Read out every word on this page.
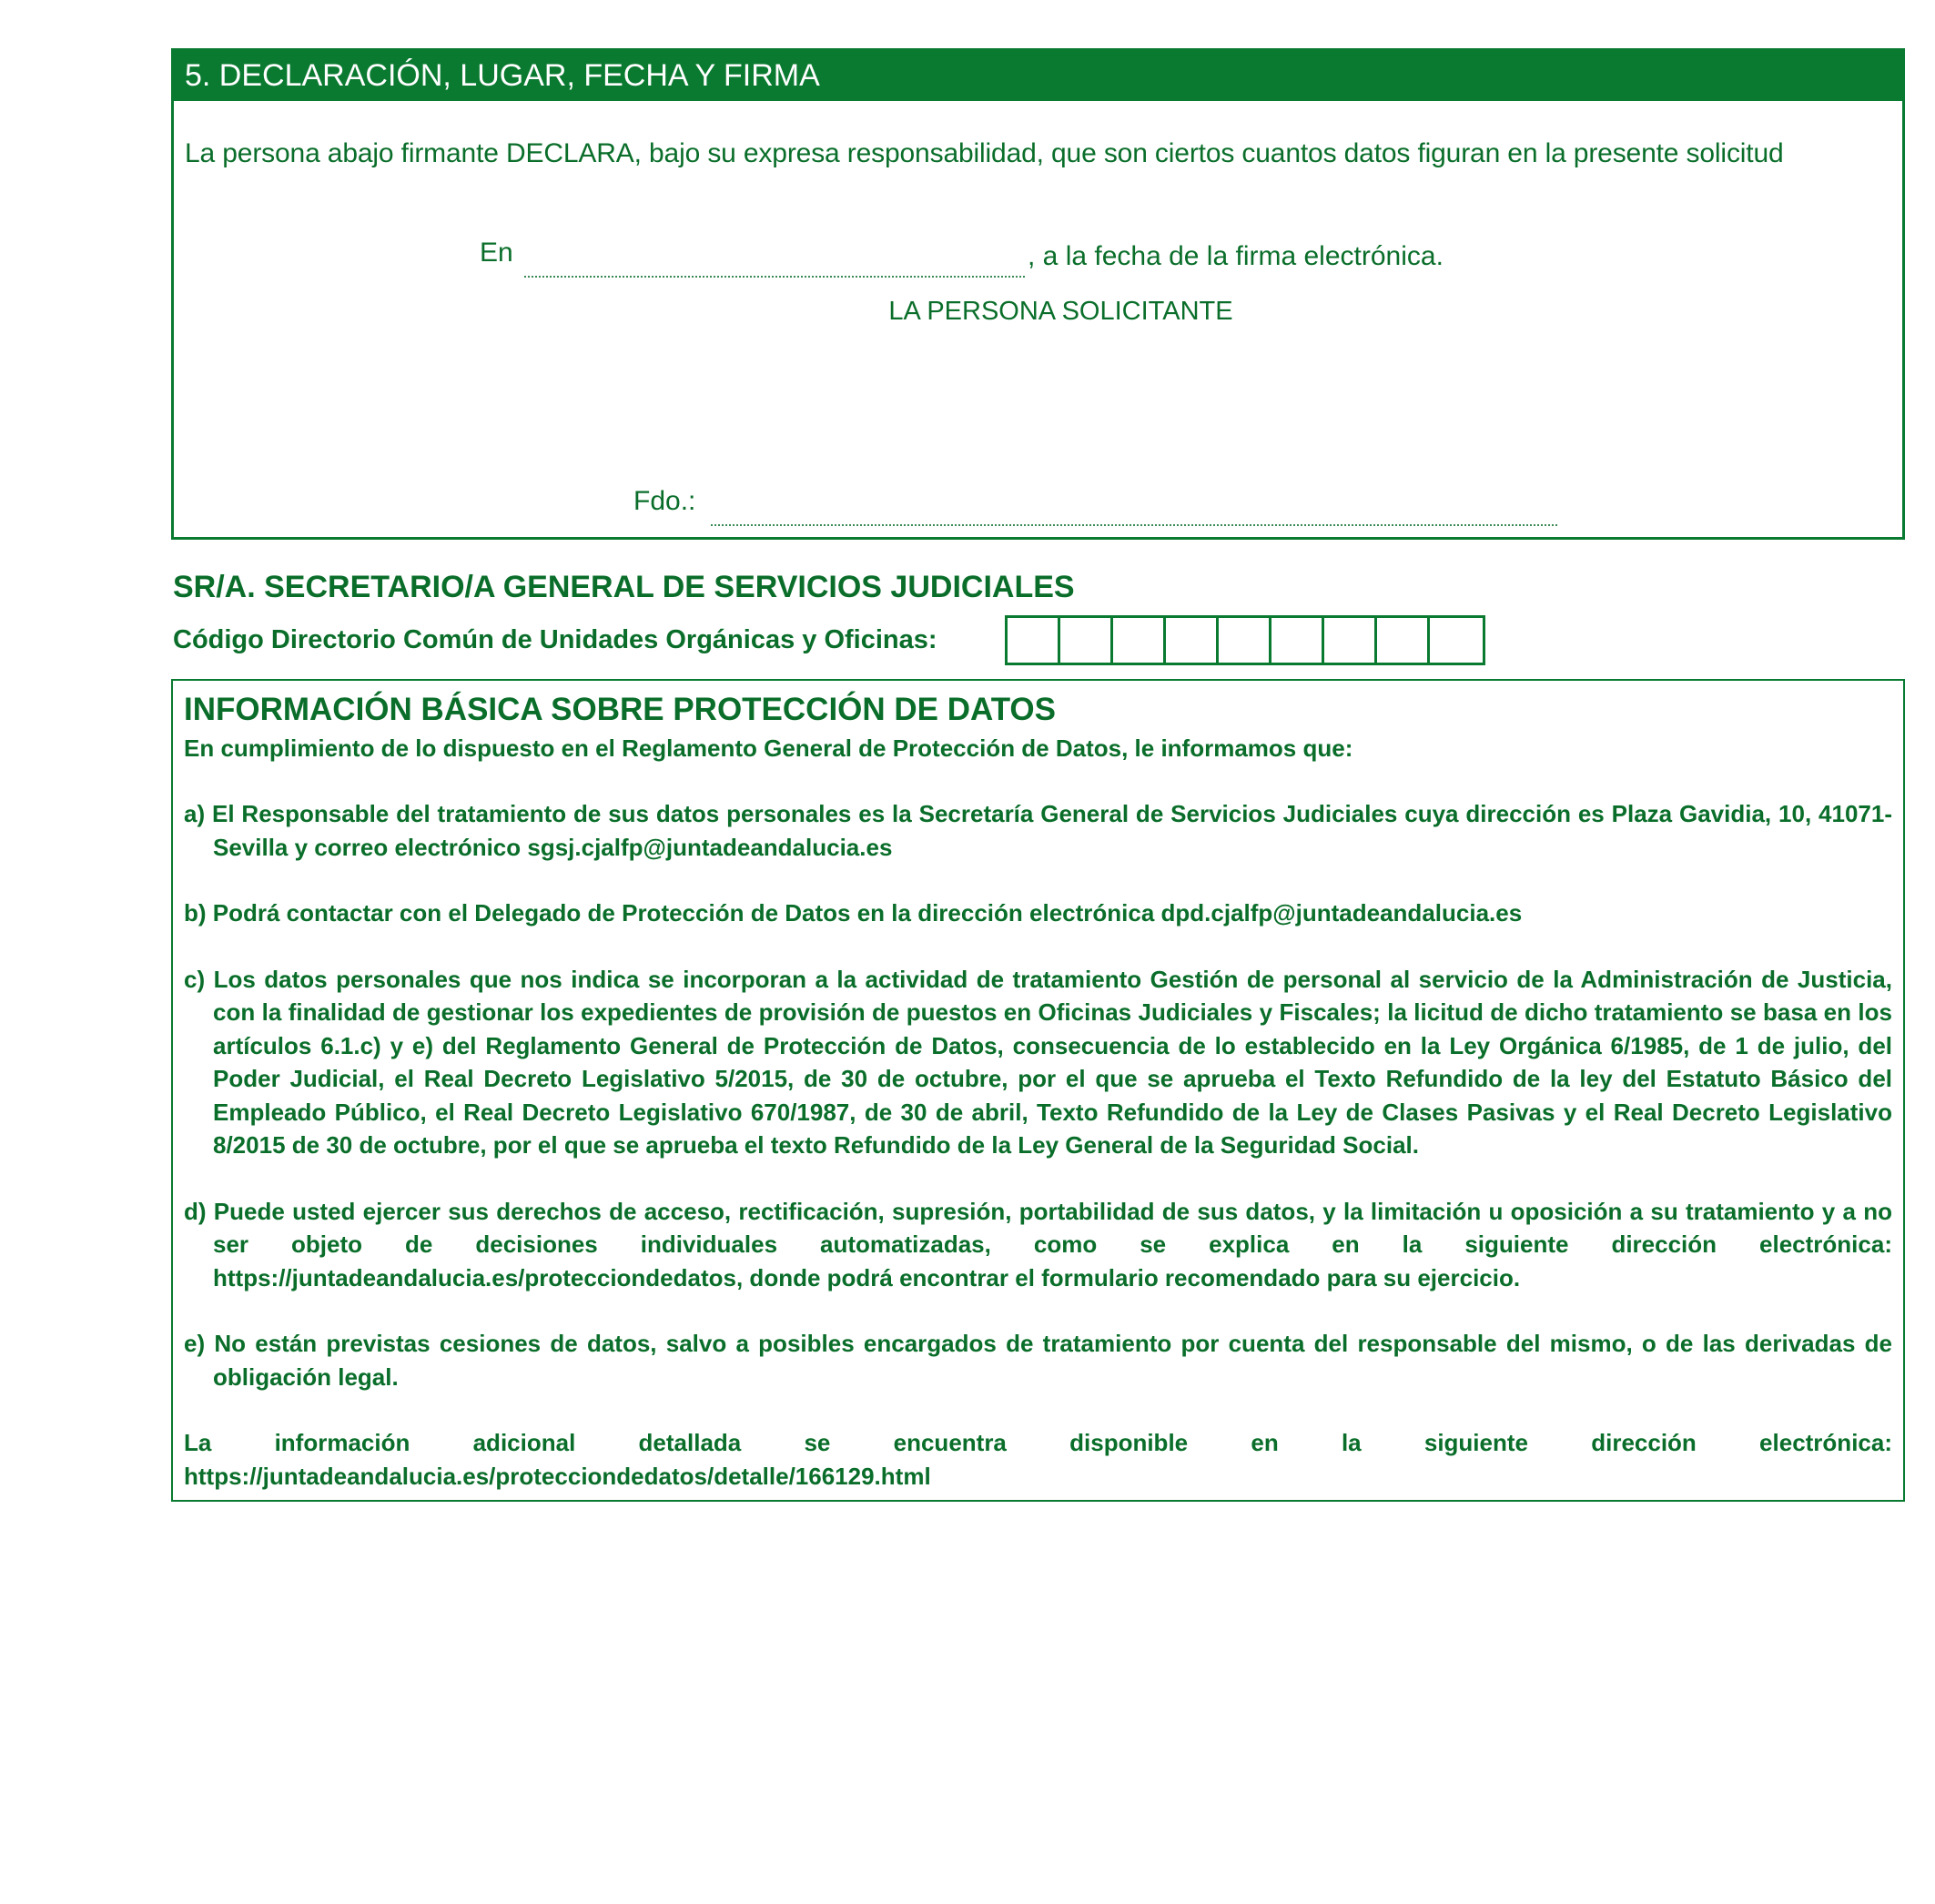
5. DECLARACIÓN, LUGAR, FECHA Y FIRMA
La persona abajo firmante DECLARA, bajo su expresa responsabilidad, que son ciertos cuantos datos figuran en la presente solicitud
En	, a la fecha de la firma electrónica.
LA PERSONA SOLICITANTE
Fdo.:
SR/A. SECRETARIO/A GENERAL DE SERVICIOS JUDICIALES
Código Directorio Común de Unidades Orgánicas y Oficinas:
INFORMACIÓN BÁSICA SOBRE PROTECCIÓN DE DATOS
En cumplimiento de lo dispuesto en el Reglamento General de Protección de Datos, le informamos que:
a) El Responsable del tratamiento de sus datos personales es la Secretaría General de Servicios Judiciales cuya dirección es Plaza Gavidia, 10, 41071-Sevilla y correo electrónico sgsj.cjalfp@juntadeandalucia.es
b) Podrá contactar con el Delegado de Protección de Datos en la dirección electrónica dpd.cjalfp@juntadeandalucia.es
c) Los datos personales que nos indica se incorporan a la actividad de tratamiento Gestión de personal al servicio de la Administración de Justicia, con la finalidad de gestionar los expedientes de provisión de puestos en Oficinas Judiciales y Fiscales; la licitud de dicho tratamiento se basa en los artículos 6.1.c) y e) del Reglamento General de Protección de Datos, consecuencia de lo establecido en la Ley Orgánica 6/1985, de 1 de julio, del Poder Judicial, el Real Decreto Legislativo 5/2015, de 30 de octubre, por el que se aprueba el Texto Refundido de la ley del Estatuto Básico del Empleado Público, el Real Decreto Legislativo 670/1987, de 30 de abril, Texto Refundido de la Ley de Clases Pasivas y el Real Decreto Legislativo 8/2015 de 30 de octubre, por el que se aprueba el texto Refundido de la Ley General de la Seguridad Social.
d) Puede usted ejercer sus derechos de acceso, rectificación, supresión, portabilidad de sus datos, y la limitación u oposición a su tratamiento y a no ser objeto de decisiones individuales automatizadas, como se explica en la siguiente dirección electrónica: https://juntadeandalucia.es/protecciondedatos, donde podrá encontrar el formulario recomendado para su ejercicio.
e) No están previstas cesiones de datos, salvo a posibles encargados de tratamiento por cuenta del responsable del mismo, o de las derivadas de obligación legal.
La información adicional detallada se encuentra disponible en la siguiente dirección electrónica: https://juntadeandalucia.es/protecciondedatos/detalle/166129.html
